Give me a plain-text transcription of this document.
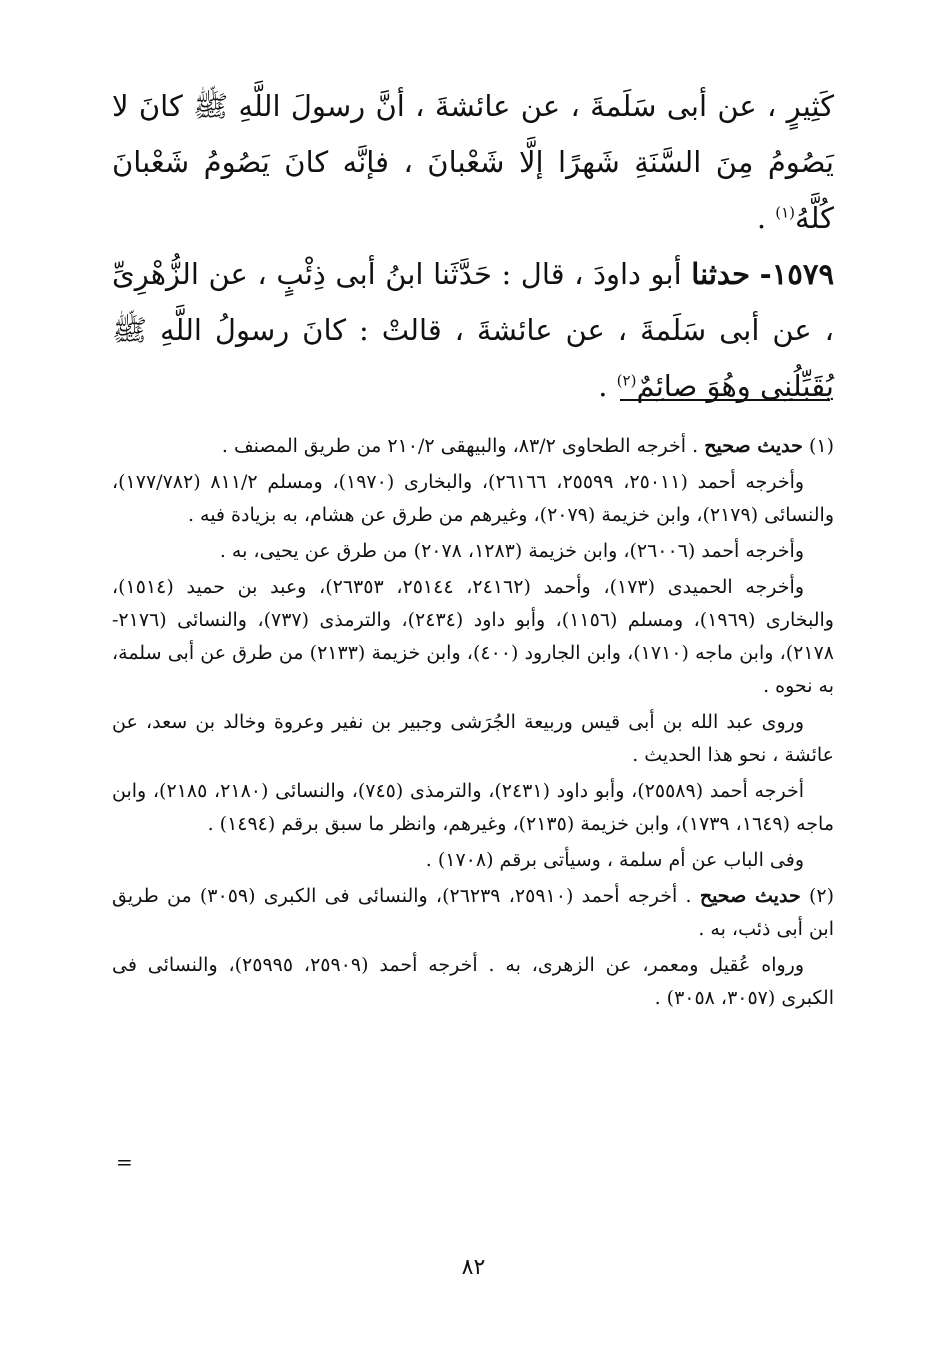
كَثِيرٍ ، عن أبى سَلَمةَ ، عن عائشةَ ، أنَّ رسولَ اللَّهِ ﷺ كانَ لا يَصُومُ مِنَ السَّنَةِ شَهرًا إلَّا شَعْبانَ ، فإنَّه كانَ يَصُومُ شَعْبانَ كُلَّهُ$^{(١)}$ .

١٥٧٩- حدثنا أبو داودَ ، قال : حَدَّثَنا ابنُ أبى ذِئْبٍ ، عن الزُّهْرِىِّ ، عن أبى سَلَمةَ ، عن عائشةَ ، قالتْ : كانَ رسولُ اللَّهِ ﷺ يُقَبِّلُنِى وهُوَ صائِمٌ$^{(٢)}$ .

(١) حديث صحيح . أخرجه الطحاوى ٨٣/٢، والبيهقى ٢١٠/٢ من طريق المصنف .

وأخرجه أحمد (٢٥٠١١، ٢٥٥٩٩، ٢٦١٦٦)، والبخارى (١٩٧٠)، ومسلم ٨١١/٢ (١٧٧/٧٨٢)، والنسائى (٢١٧٩)، وابن خزيمة (٢٠٧٩)، وغيرهم من طرق عن هشام، به بزيادة فيه .

وأخرجه أحمد (٢٦٠٠٦)، وابن خزيمة (١٢٨٣، ٢٠٧٨) من طرق عن يحيى، به .

وأخرجه الحميدى (١٧٣)، وأحمد (٢٤١٦٢، ٢٥١٤٤، ٢٦٣٥٣)، وعبد بن حميد (١٥١٤)، والبخارى (١٩٦٩)، ومسلم (١١٥٦)، وأبو داود (٢٤٣٤)، والترمذى (٧٣٧)، والنسائى (٢١٧٦- ٢١٧٨)، وابن ماجه (١٧١٠)، وابن الجارود (٤٠٠)، وابن خزيمة (٢١٣٣) من طرق عن أبى سلمة، به نحوه .

وروى عبد الله بن أبى قيس وربيعة الجُرَشى وجبير بن نفير وعروة وخالد بن سعد، عن عائشة ، نحو هذا الحديث .

أخرجه أحمد (٢٥٥٨٩)، وأبو داود (٢٤٣١)، والترمذى (٧٤٥)، والنسائى (٢١٨٠، ٢١٨٥)، وابن ماجه (١٦٤٩، ١٧٣٩)، وابن خزيمة (٢١٣٥)، وغيرهم، وانظر ما سبق برقم (١٤٩٤) .

وفى الباب عن أم سلمة ، وسيأتى برقم (١٧٠٨) .

(٢) حديث صحيح . أخرجه أحمد (٢٥٩١٠، ٢٦٢٣٩)، والنسائى فى الكبرى (٣٠٥٩) من طريق ابن أبى ذئب، به .

ورواه عُقيل ومعمر، عن الزهرى، به . أخرجه أحمد (٢٥٩٠٩، ٢٥٩٩٥)، والنسائى فى الكبرى (٣٠٥٧، ٣٠٥٨) .

=
٨٢
